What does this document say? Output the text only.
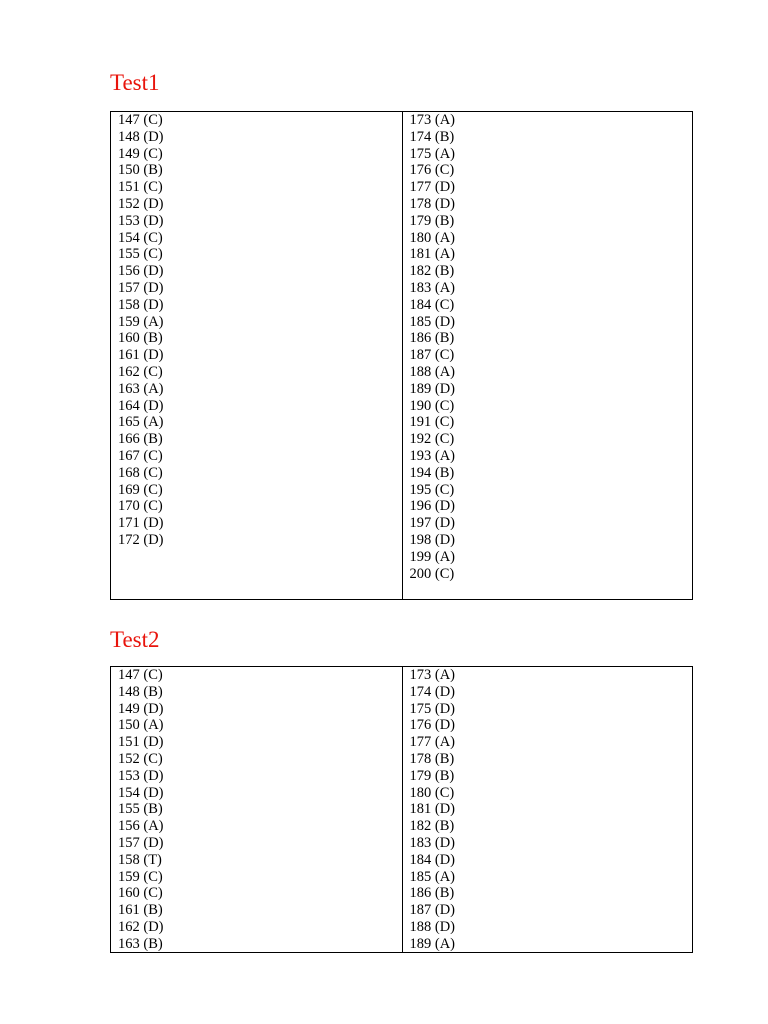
Test1
147 (C)
148 (D)
149 (C)
150 (B)
151 (C)
152 (D)
153 (D)
154 (C)
155 (C)
156 (D)
157 (D)
158 (D)
159 (A)
160 (B)
161 (D)
162 (C)
163 (A)
164 (D)
165 (A)
166 (B)
167 (C)
168 (C)
169 (C)
170 (C)
171 (D)
172 (D)
173 (A)
174 (B)
175 (A)
176 (C)
177 (D)
178 (D)
179 (B)
180 (A)
181 (A)
182 (B)
183 (A)
184 (C)
185 (D)
186 (B)
187 (C)
188 (A)
189 (D)
190 (C)
191 (C)
192 (C)
193 (A)
194 (B)
195 (C)
196 (D)
197 (D)
198 (D)
199 (A)
200 (C)
Test2
147 (C)
148 (B)
149 (D)
150 (A)
151 (D)
152 (C)
153 (D)
154 (D)
155 (B)
156 (A)
157 (D)
158 (T)
159 (C)
160 (C)
161 (B)
162 (D)
163 (B)
173 (A)
174 (D)
175 (D)
176 (D)
177 (A)
178 (B)
179 (B)
180 (C)
181 (D)
182 (B)
183 (D)
184 (D)
185 (A)
186 (B)
187 (D)
188 (D)
189 (A)
